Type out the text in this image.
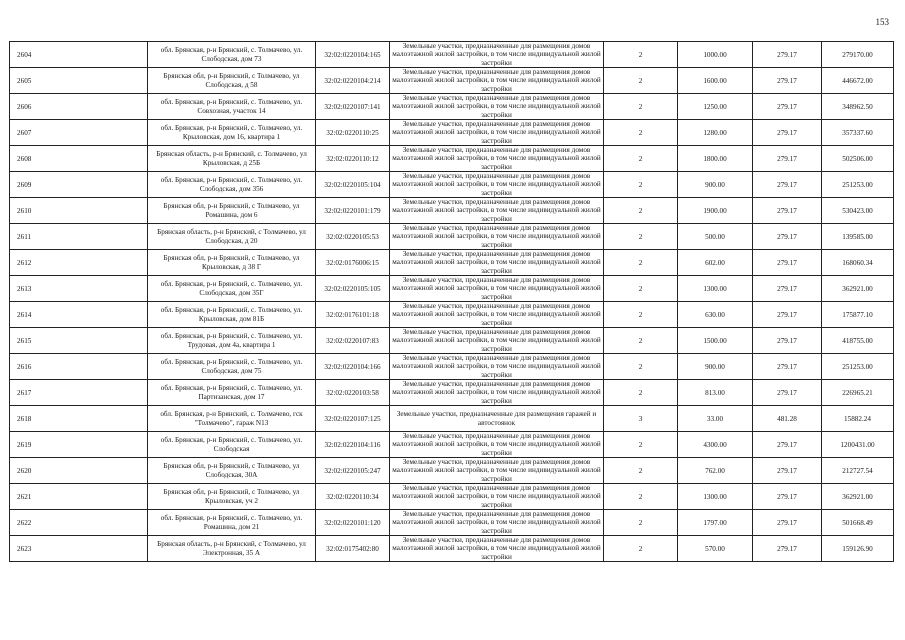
153
2604	обл. Брянская, р-н Брянский, с. Толмачево, ул. Слободская, дом 73	32:02:0220104:165	Земельные участки, предназначенные для размещения домов малоэтажной жилой застройки, в том числе индивидуальной жилой застройки	2	1000.00	279.17	279170.00
2605	Брянская обл, р-н Брянский, с Толмачево, ул Слободская, д 58	32:02:0220104:214	Земельные участки, предназначенные для размещения домов малоэтажной жилой застройки, в том числе индивидуальной жилой застройки	2	1600.00	279.17	446672.00
2606	обл. Брянская, р-н Брянский, с. Толмачево, ул. Совхозная, участок 14	32:02:0220107:141	Земельные участки, предназначенные для размещения домов малоэтажной жилой застройки, в том числе индивидуальной жилой застройки	2	1250.00	279.17	348962.50
2607	обл. Брянская, р-н Брянский, с. Толмачево, ул. Крыловская, дом 16, квартира 1	32:02:0220110:25	Земельные участки, предназначенные для размещения домов малоэтажной жилой застройки, в том числе индивидуальной жилой застройки	2	1280.00	279.17	357337.60
2608	Брянская область, р-н Брянский, с. Толмачево, ул Крыловская, д 25Б	32:02:0220110:12	Земельные участки, предназначенные для размещения домов малоэтажной жилой застройки, в том числе индивидуальной жилой застройки	2	1800.00	279.17	502506.00
2609	обл. Брянская, р-н Брянский, с. Толмачево, ул. Слободская, дом 356	32:02:0220105:104	Земельные участки, предназначенные для размещения домов малоэтажной жилой застройки, в том числе индивидуальной жилой застройки	2	900.00	279.17	251253.00
2610	Брянская обл, р-н Брянский, с Толмачево, ул Ромашина, дом 6	32:02:0220101:179	Земельные участки, предназначенные для размещения домов малоэтажной жилой застройки, в том числе индивидуальной жилой застройки	2	1900.00	279.17	530423.00
2611	Брянская область, р-н Брянский, с Толмачево, ул Слободская, д 20	32:02:0220105:53	Земельные участки, предназначенные для размещения домов малоэтажной жилой застройки, в том числе индивидуальной жилой застройки	2	500.00	279.17	139585.00
2612	Брянская обл, р-н Брянский, с Толмачево, ул Крыловская, д 38 Г	32:02:0176006:15	Земельные участки, предназначенные для размещения домов малоэтажной жилой застройки, в том числе индивидуальной жилой застройки	2	602.00	279.17	168060.34
2613	обл. Брянская, р-н Брянский, с. Толмачево, ул. Слободская, дом 35Г	32:02:0220105:105	Земельные участки, предназначенные для размещения домов малоэтажной жилой застройки, в том числе индивидуальной жилой застройки	2	1300.00	279.17	362921.00
2614	обл. Брянская, р-н Брянский, с. Толмачево, ул. Крыловская, дом 81Б	32:02:0176101:18	Земельные участки, предназначенные для размещения домов малоэтажной жилой застройки, в том числе индивидуальной жилой застройки	2	630.00	279.17	175877.10
2615	обл. Брянская, р-н Брянский, с. Толмачево, ул. Трудовая, дом 4а, квартира 1	32:02:0220107:83	Земельные участки, предназначенные для размещения домов малоэтажной жилой застройки, в том числе индивидуальной жилой застройки	2	1500.00	279.17	418755.00
2616	обл. Брянская, р-н Брянский, с. Толмачево, ул. Слободская, дом 75	32:02:0220104:166	Земельные участки, предназначенные для размещения домов малоэтажной жилой застройки, в том числе индивидуальной жилой застройки	2	900.00	279.17	251253.00
2617	обл. Брянская, р-н Брянский, с. Толмачево, ул. Партизанская, дом 17	32:02:0220103:58	Земельные участки, предназначенные для размещения домов малоэтажной жилой застройки, в том числе индивидуальной жилой застройки	2	813.00	279.17	226965.21
2618	обл. Брянская, р-н Брянский, с. Толмачево, гск "Толмачево", гараж N13	32:02:0220107:125	Земельные участки, предназначенные для размещения гаражей и автостоянок	3	33.00	481.28	15882.24
2619	обл. Брянская, р-н Брянский, с. Толмачево, ул. Слободская	32:02:0220104:116	Земельные участки, предназначенные для размещения домов малоэтажной жилой застройки, в том числе индивидуальной жилой застройки	2	4300.00	279.17	1200431.00
2620	Брянская обл, р-н Брянский, с Толмачево, ул Слободская, 30А	32:02:0220105:247	Земельные участки, предназначенные для размещения домов малоэтажной жилой застройки, в том числе индивидуальной жилой застройки	2	762.00	279.17	212727.54
2621	Брянская обл, р-н Брянский, с Толмачево, ул Крыловская, уч 2	32:02:0220110:34	Земельные участки, предназначенные для размещения домов малоэтажной жилой застройки, в том числе индивидуальной жилой застройки	2	1300.00	279.17	362921.00
2622	обл. Брянская, р-н Брянский, с. Толмачево, ул. Ромашина, дом 21	32:02:0220101:120	Земельные участки, предназначенные для размещения домов малоэтажной жилой застройки, в том числе индивидуальной жилой застройки	2	1797.00	279.17	501668.49
2623	Брянская область, р-н Брянский, с Толмачево, ул Электронная, 35 А	32:02:0175402:80	Земельные участки, предназначенные для размещения домов малоэтажной жилой застройки, в том числе индивидуальной жилой застройки	2	570.00	279.17	159126.90
